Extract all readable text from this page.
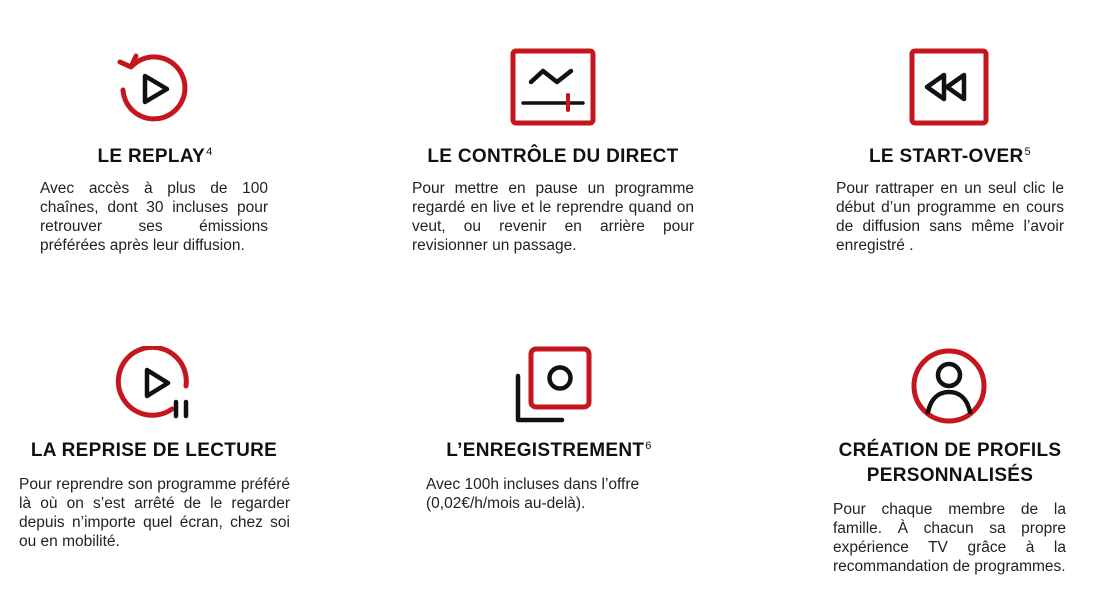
LE REPLAY$^4$
Avec accès à plus de 100 chaînes, dont 30 incluses pour retrouver ses émissions préférées après leur diffusion.
LE CONTRÔLE DU DIRECT
Pour mettre en pause un programme regardé en live et le reprendre quand on veut, ou revenir en arrière pour revisionner un passage.
LE START-OVER$^5$
Pour rattraper en un seul clic le début d’un programme en cours de diffusion sans même l’avoir enregistré .
LA REPRISE DE LECTURE
Pour reprendre son programme préféré là où on s’est arrêté de le regarder depuis n’importe quel écran, chez soi ou en mobilité.
L’ENREGISTREMENT$^6$
Avec 100h incluses dans l’offre (0,02€/h/mois au-delà).
CRÉATION DE PROFILS
PERSONNALISÉS
Pour chaque membre de la famille. À chacun sa propre expérience TV grâce à la recommandation de programmes.
